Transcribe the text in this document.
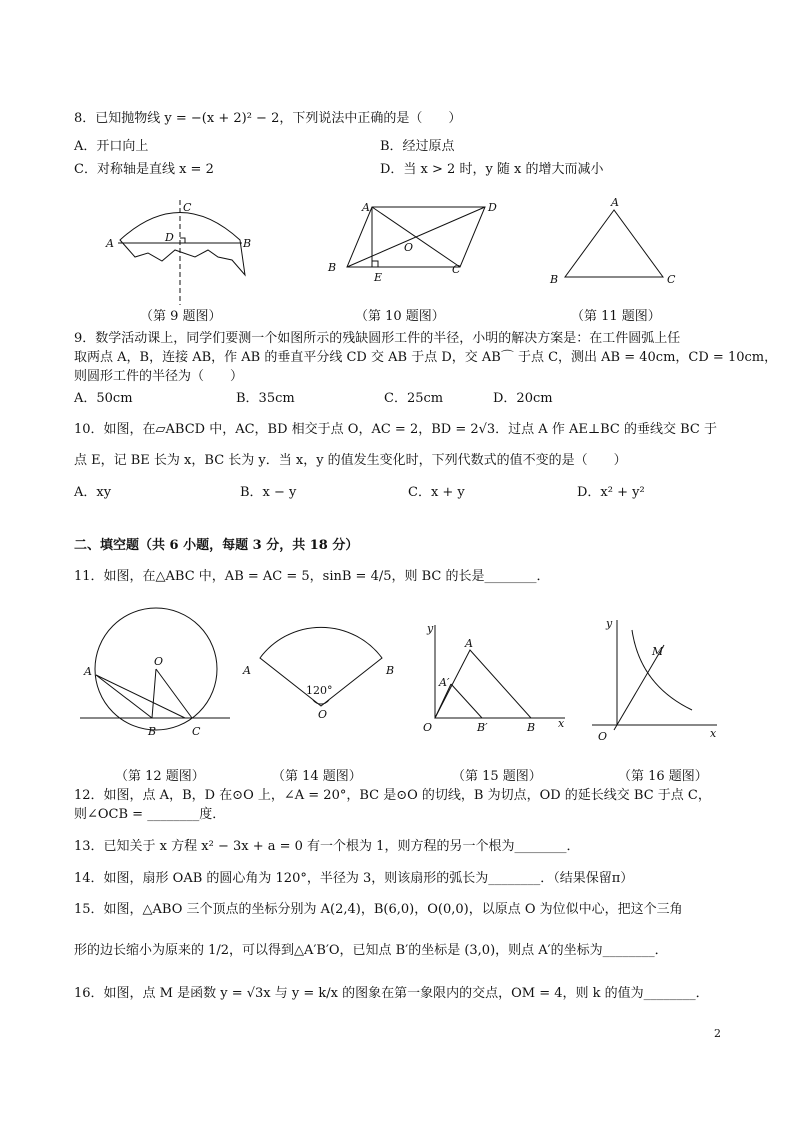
8．已知抛物线 y = −(x + 2)² − 2，下列说法中正确的是（　　）
A．开口向上	B．经过原点
C．对称轴是直线 x = 2	D．当 x > 2 时，y 随 x 的增大而减小
C
A	D	B
（第 9 题图）
A	D
O
B
E
C
（第 10 题图）
A
B	C
（第 11 题图）
9．数学活动课上，同学们要测一个如图所示的残缺圆形工件的半径，小明的解决方案是：在工件圆弧上任
取两点 A，B，连接 AB，作 AB 的垂直平分线 CD 交 AB 于点 D，交 AB⌒ 于点 C，测出 AB = 40cm，CD = 10cm，
则圆形工件的半径为（　　）
A．50cm	B．35cm	C．25cm	D．20cm
10．如图，在▱ABCD 中，AC，BD 相交于点 O，AC = 2，BD = 2√3．过点 A 作 AE⊥BC 的垂线交 BC 于
点 E，记 BE 长为 x，BC 长为 y．当 x，y 的值发生变化时，下列代数式的值不变的是（　　）
A．xy	B．x − y	C．x + y	D．x² + y²
二、填空题（共 6 小题，每题 3 分，共 18 分）
11．如图，在△ABC 中，AB = AC = 5，sinB = 4/5，则 BC 的长是________．
O
A
B	C
（第 12 题图）
A	B
120°
O
（第 14 题图）
y
A
A′
O	B′	B x
（第 15 题图）
y
M
O	x
（第 16 题图）
12．如图，点 A，B，D 在⊙O 上，∠A = 20°，BC 是⊙O 的切线，B 为切点，OD 的延长线交 BC 于点 C，
则∠OCB = ________度．
13．已知关于 x 方程 x² − 3x + a = 0 有一个根为 1，则方程的另一个根为________．
14．如图，扇形 OAB 的圆心角为 120°，半径为 3，则该扇形的弧长为________．（结果保留π）
15．如图，△ABO 三个顶点的坐标分别为 A(2,4)，B(6,0)，O(0,0)，以原点 O 为位似中心，把这个三角
形的边长缩小为原来的 1/2，可以得到△A′B′O，已知点 B′的坐标是 (3,0)，则点 A′的坐标为________．
16．如图，点 M 是函数 y = √3x 与 y = k/x 的图象在第一象限内的交点，OM = 4，则 k 的值为________．
2
